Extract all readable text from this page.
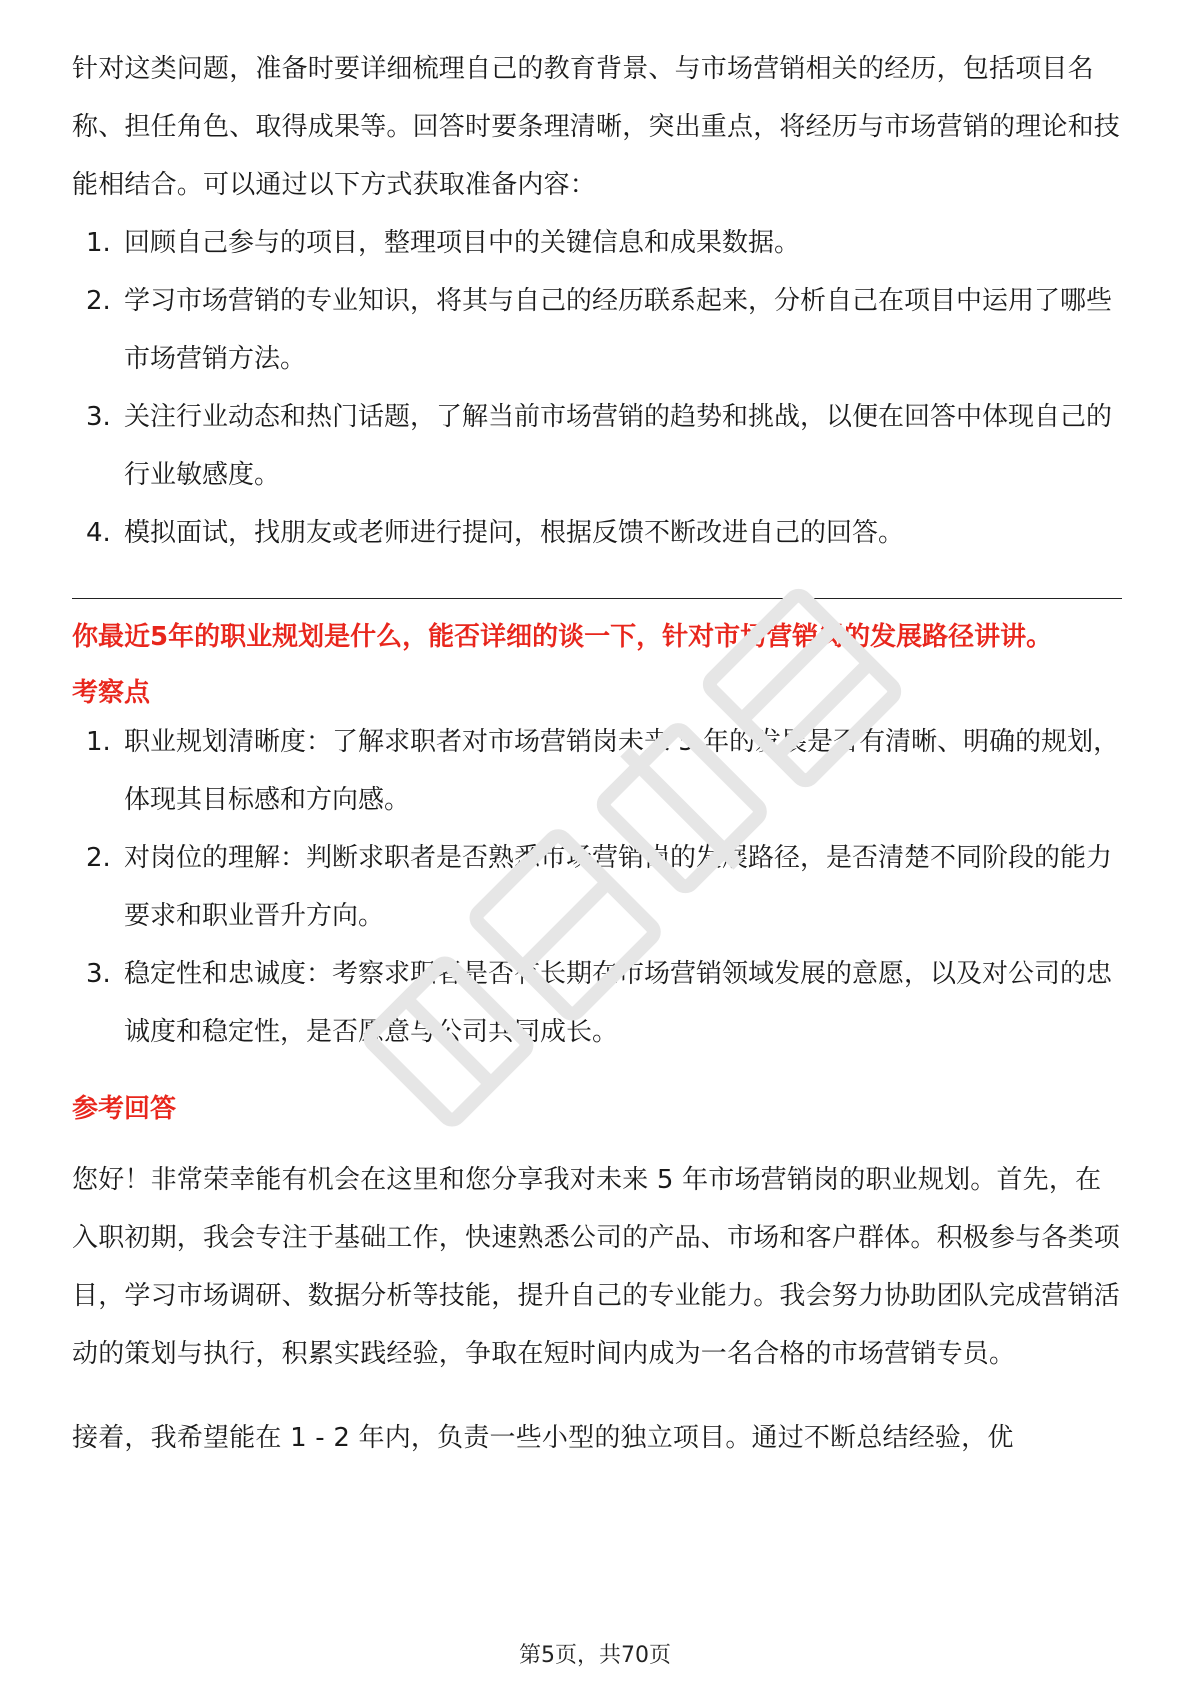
针对这类问题，准备时要详细梳理自己的教育背景、与市场营销相关的经历，包括项目名称、担任角色、取得成果等。回答时要条理清晰，突出重点，将经历与市场营销的理论和技能相结合。可以通过以下方式获取准备内容：

1. 回顾自己参与的项目，整理项目中的关键信息和成果数据。
2. 学习市场营销的专业知识，将其与自己的经历联系起来，分析自己在项目中运用了哪些市场营销方法。
3. 关注行业动态和热门话题，了解当前市场营销的趋势和挑战，以便在回答中体现自己的行业敏感度。
4. 模拟面试，找朋友或老师进行提问，根据反馈不断改进自己的回答。

你最近5年的职业规划是什么，能否详细的谈一下，针对市场营销岗的发展路径讲讲。

考察点

1. 职业规划清晰度：了解求职者对市场营销岗未来 5 年的发展是否有清晰、明确的规划，体现其目标感和方向感。
2. 对岗位的理解：判断求职者是否熟悉市场营销岗的发展路径，是否清楚不同阶段的能力要求和职业晋升方向。
3. 稳定性和忠诚度：考察求职者是否有长期在市场营销领域发展的意愿，以及对公司的忠诚度和稳定性，是否愿意与公司共同成长。

参考回答

您好！非常荣幸能有机会在这里和您分享我对未来 5 年市场营销岗的职业规划。首先，在入职初期，我会专注于基础工作，快速熟悉公司的产品、市场和客户群体。积极参与各类项目，学习市场调研、数据分析等技能，提升自己的专业能力。我会努力协助团队完成营销活动的策划与执行，积累实践经验，争取在短时间内成为一名合格的市场营销专员。

接着，我希望能在 1 - 2 年内，负责一些小型的独立项目。通过不断总结经验，优

第5页，共70页
